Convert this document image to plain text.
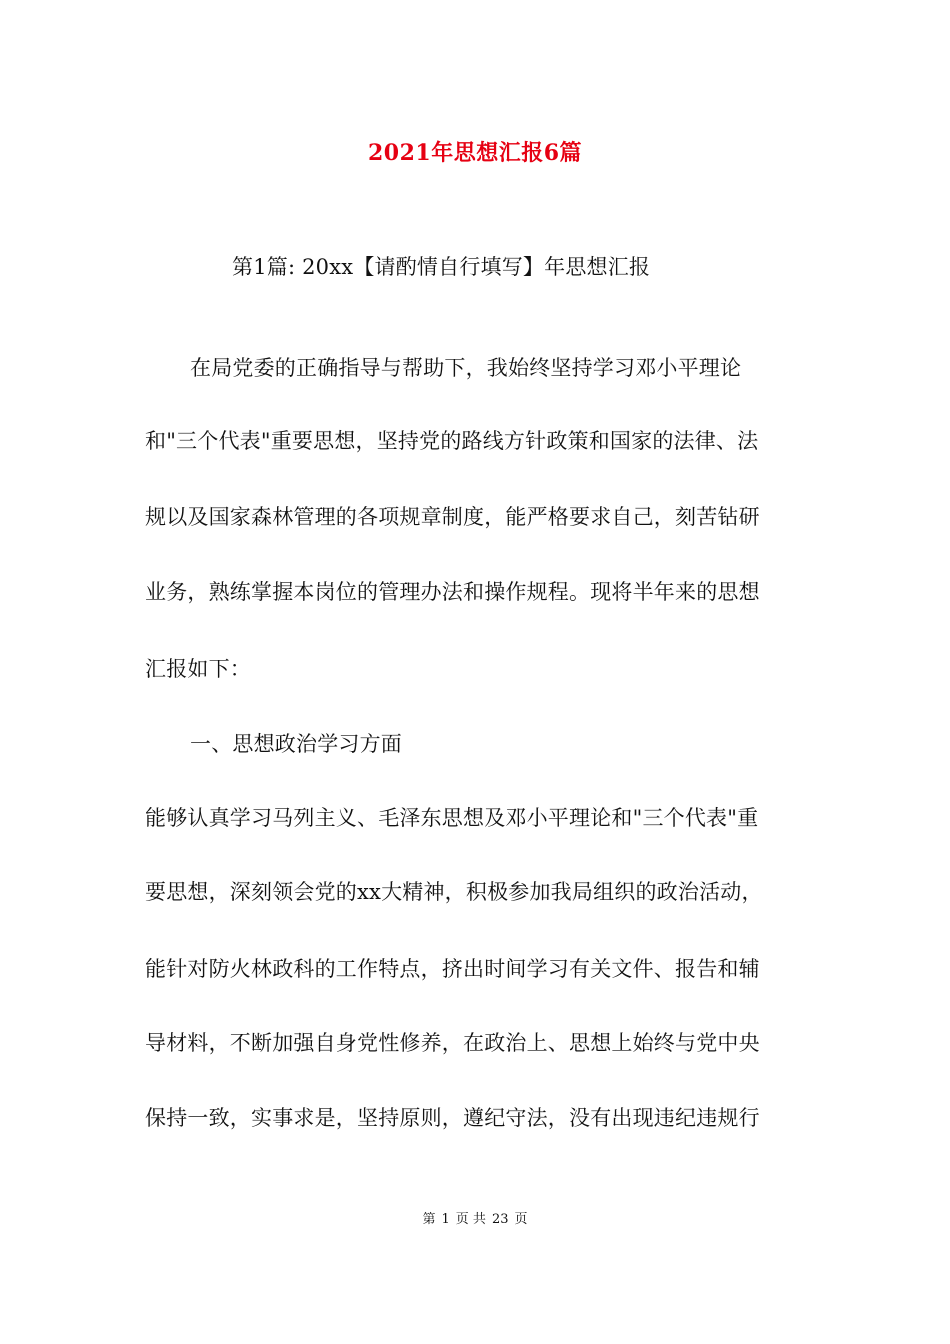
2021年思想汇报6篇
第1篇: 20xx【请酌情自行填写】年思想汇报
在局党委的正确指导与帮助下，我始终坚持学习邓小平理论
和"三个代表"重要思想，坚持党的路线方针政策和国家的法律、法
规以及国家森林管理的各项规章制度，能严格要求自己，刻苦钻研
业务，熟练掌握本岗位的管理办法和操作规程。现将半年来的思想
汇报如下：
一、思想政治学习方面
能够认真学习马列主义、毛泽东思想及邓小平理论和"三个代表"重
要思想，深刻领会党的xx大精神，积极参加我局组织的政治活动，
能针对防火林政科的工作特点，挤出时间学习有关文件、报告和辅
导材料，不断加强自身党性修养，在政治上、思想上始终与党中央
保持一致，实事求是，坚持原则，遵纪守法，没有出现违纪违规行
第 1 页 共 23 页
